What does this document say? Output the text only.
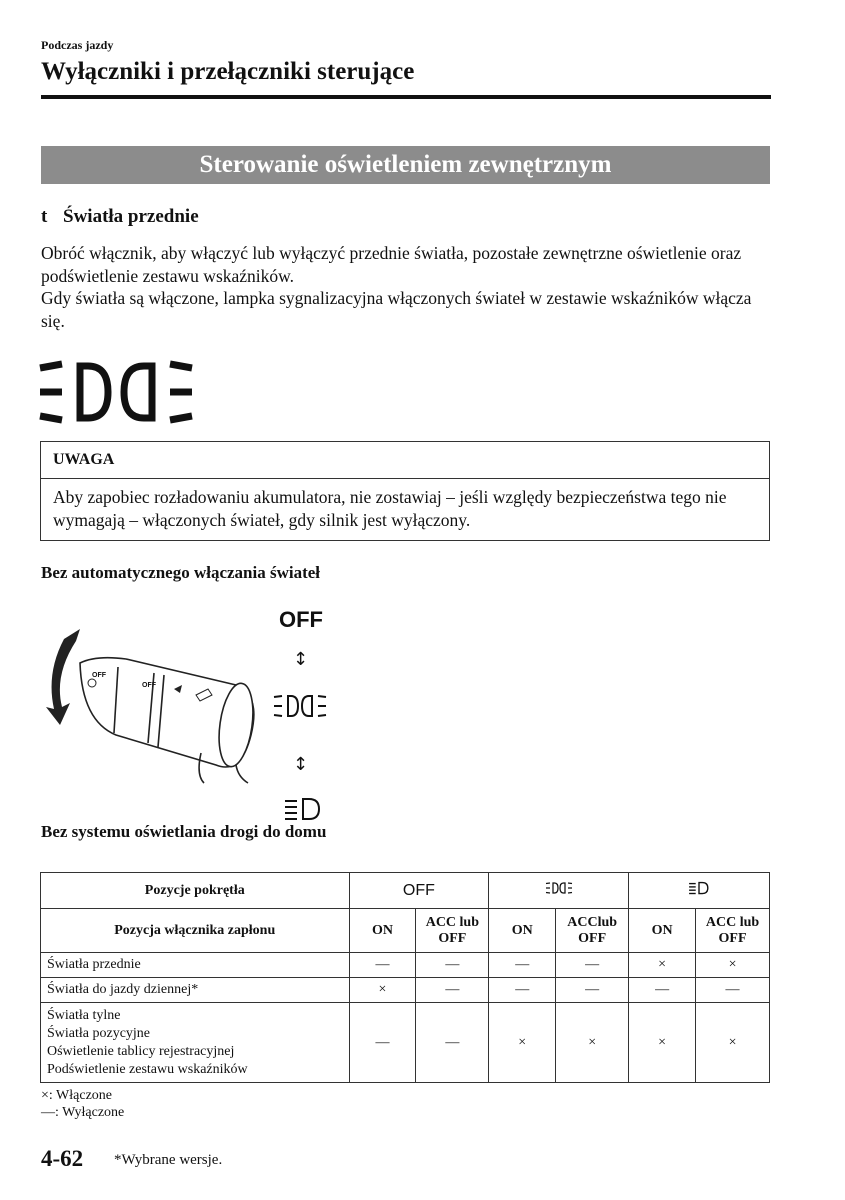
Podczas jazdy
Wyłączniki i przełączniki sterujące
Sterowanie oświetleniem zewnętrznym
t Światła przednie
Obróć włącznik, aby włączyć lub wyłączyć przednie światła, pozostałe zewnętrzne oświetlenie oraz podświetlenie zestawu wskaźników.
Gdy światła są włączone, lampka sygnalizacyjna włączonych świateł w zestawie wskaźników włącza się.
UWAGA
Aby zapobiec rozładowaniu akumulatora, nie zostawiaj – jeśli względy bezpieczeństwa tego nie wymagają – włączonych świateł, gdy silnik jest wyłączony.
Bez automatycznego włączania świateł
OFF
OFF
OFF
↕
↕
Bez systemu oświetlania drogi do domu
Pozycje pokrętła	OFF		
Pozycja włącznika zapłonu	ON	ACC lub OFF	ON	ACClub OFF	ON	ACC lub OFF
Światła przednie	—	—	—	—	×	×
Światła do jazdy dziennej*	×	—	—	—	—	—

Światła tylne
Światła pozycyjne
Oświetlenie tablicy rejestracyjnej
Podświetlenie zestawu wskaźników	—	—	×	×	×	×
×: Włączone
—: Wyłączone
4-62 *Wybrane wersje.
